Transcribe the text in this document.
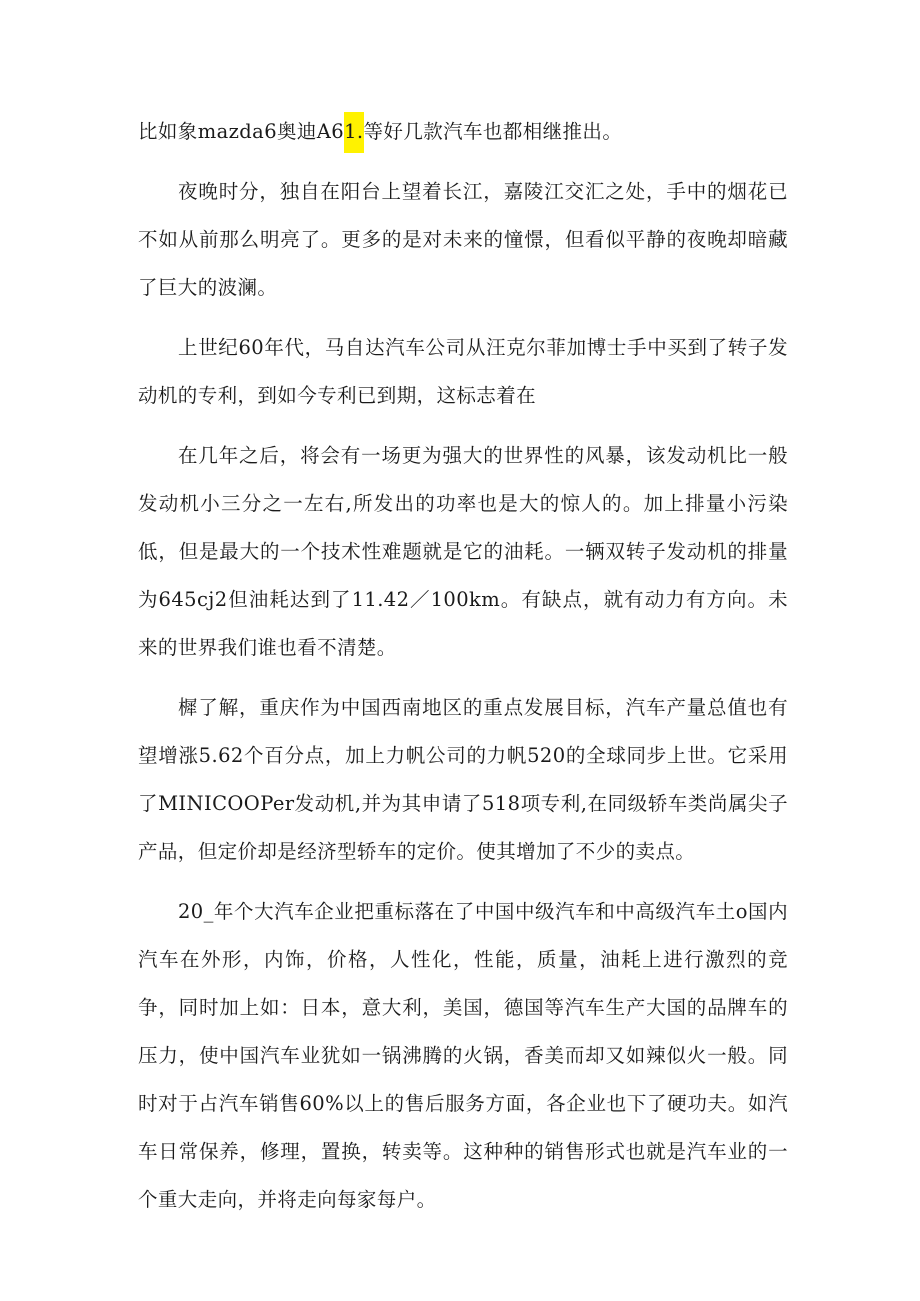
比如象mazda6奥迪A61.等好几款汽车也都相继推出。

夜晚时分，独自在阳台上望着长江，嘉陵江交汇之处，手中的烟花已不如从前那么明亮了。更多的是对未来的憧憬，但看似平静的夜晚却暗藏了巨大的波澜。

上世纪60年代，马自达汽车公司从汪克尔菲加博士手中买到了转子发动机的专利，到如今专利已到期，这标志着在

在几年之后，将会有一场更为强大的世界性的风暴，该发动机比一般发动机小三分之一左右,所发出的功率也是大的惊人的。加上排量小污染低，但是最大的一个技术性难题就是它的油耗。一辆双转子发动机的排量为645cj2但油耗达到了11.42／100km。有缺点，就有动力有方向。未来的世界我们谁也看不清楚。

樨了解，重庆作为中国西南地区的重点发展目标，汽车产量总值也有望增涨5.62个百分点，加上力帆公司的力帆520的全球同步上世。它采用了MINICOOPer发动机,并为其申请了518项专利,在同级轿车类尚属尖子产品，但定价却是经济型轿车的定价。使其增加了不少的卖点。

20_年个大汽车企业把重标落在了中国中级汽车和中高级汽车土o国内汽车在外形，内饰，价格，人性化，性能，质量，油耗上进行激烈的竞争，同时加上如：日本，意大利，美国，德国等汽车生产大国的品牌车的压力，使中国汽车业犹如一锅沸腾的火锅，香美而却又如辣似火一般。同时对于占汽车销售60%以上的售后服务方面，各企业也下了硬功夫。如汽车日常保养，修理，置换，转卖等。这种种的销售形式也就是汽车业的一个重大走向，并将走向每家每户。
